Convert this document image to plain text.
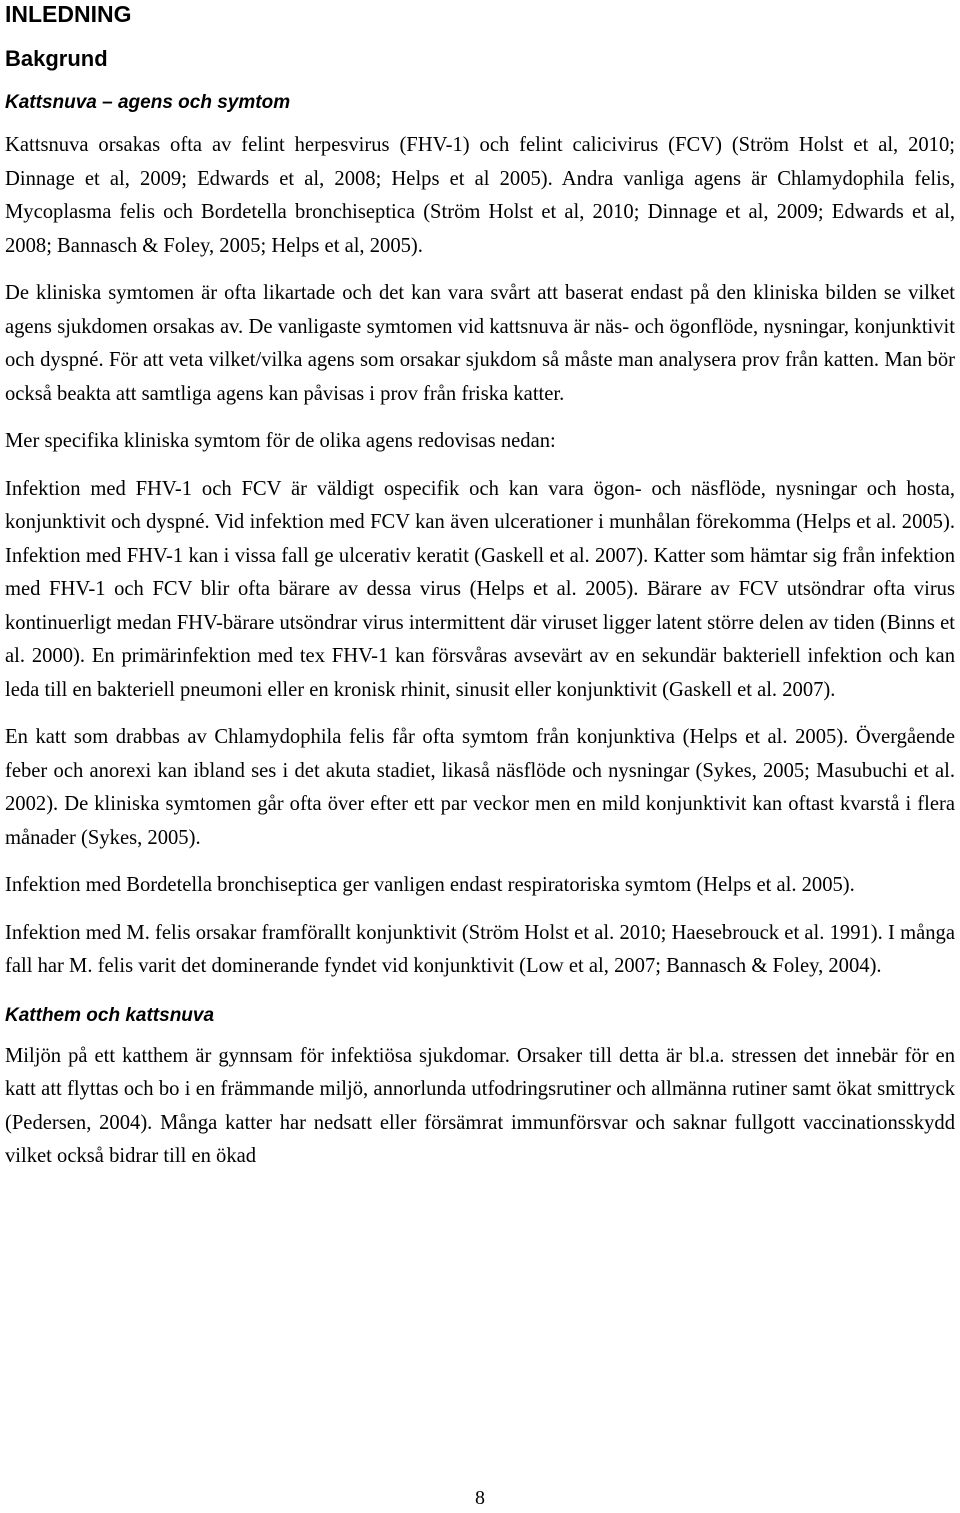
INLEDNING
Bakgrund
Kattsnuva – agens och symtom

Kattsnuva orsakas ofta av felint herpesvirus (FHV-1) och felint calicivirus (FCV) (Ström Holst et al, 2010; Dinnage et al, 2009; Edwards et al, 2008; Helps et al 2005). Andra vanliga agens är Chlamydophila felis, Mycoplasma felis och Bordetella bronchiseptica (Ström Holst et al, 2010; Dinnage et al, 2009; Edwards et al, 2008; Bannasch & Foley, 2005; Helps et al, 2005).

De kliniska symtomen är ofta likartade och det kan vara svårt att baserat endast på den kliniska bilden se vilket agens sjukdomen orsakas av. De vanligaste symtomen vid kattsnuva är näs- och ögonflöde, nysningar, konjunktivit och dyspné. För att veta vilket/vilka agens som orsakar sjukdom så måste man analysera prov från katten. Man bör också beakta att samtliga agens kan påvisas i prov från friska katter.

Mer specifika kliniska symtom för de olika agens redovisas nedan:

Infektion med FHV-1 och FCV är väldigt ospecifik och kan vara ögon- och näsflöde, nysningar och hosta, konjunktivit och dyspné. Vid infektion med FCV kan även ulcerationer i munhålan förekomma (Helps et al. 2005). Infektion med FHV-1 kan i vissa fall ge ulcerativ keratit (Gaskell et al. 2007). Katter som hämtar sig från infektion med FHV-1 och FCV blir ofta bärare av dessa virus (Helps et al. 2005). Bärare av FCV utsöndrar ofta virus kontinuerligt medan FHV-bärare utsöndrar virus intermittent där viruset ligger latent större delen av tiden (Binns et al. 2000). En primärinfektion med tex FHV-1 kan försvåras avsevärt av en sekundär bakteriell infektion och kan leda till en bakteriell pneumoni eller en kronisk rhinit, sinusit eller konjunktivit (Gaskell et al. 2007).

En katt som drabbas av Chlamydophila felis får ofta symtom från konjunktiva (Helps et al. 2005). Övergående feber och anorexi kan ibland ses i det akuta stadiet, likaså näsflöde och nysningar (Sykes, 2005; Masubuchi et al. 2002). De kliniska symtomen går ofta över efter ett par veckor men en mild konjunktivit kan oftast kvarstå i flera månader (Sykes, 2005).

Infektion med Bordetella bronchiseptica ger vanligen endast respiratoriska symtom (Helps et al. 2005).

Infektion med M. felis orsakar framförallt konjunktivit (Ström Holst et al. 2010; Haesebrouck et al. 1991). I många fall har M. felis varit det dominerande fyndet vid konjunktivit (Low et al, 2007; Bannasch & Foley, 2004).

Katthem och kattsnuva

Miljön på ett katthem är gynnsam för infektiösa sjukdomar. Orsaker till detta är bl.a. stressen det innebär för en katt att flyttas och bo i en främmande miljö, annorlunda utfodringsrutiner och allmänna rutiner samt ökat smittryck (Pedersen, 2004). Många katter har nedsatt eller försämrat immunförsvar och saknar fullgott vaccinationsskydd vilket också bidrar till en ökad

8
